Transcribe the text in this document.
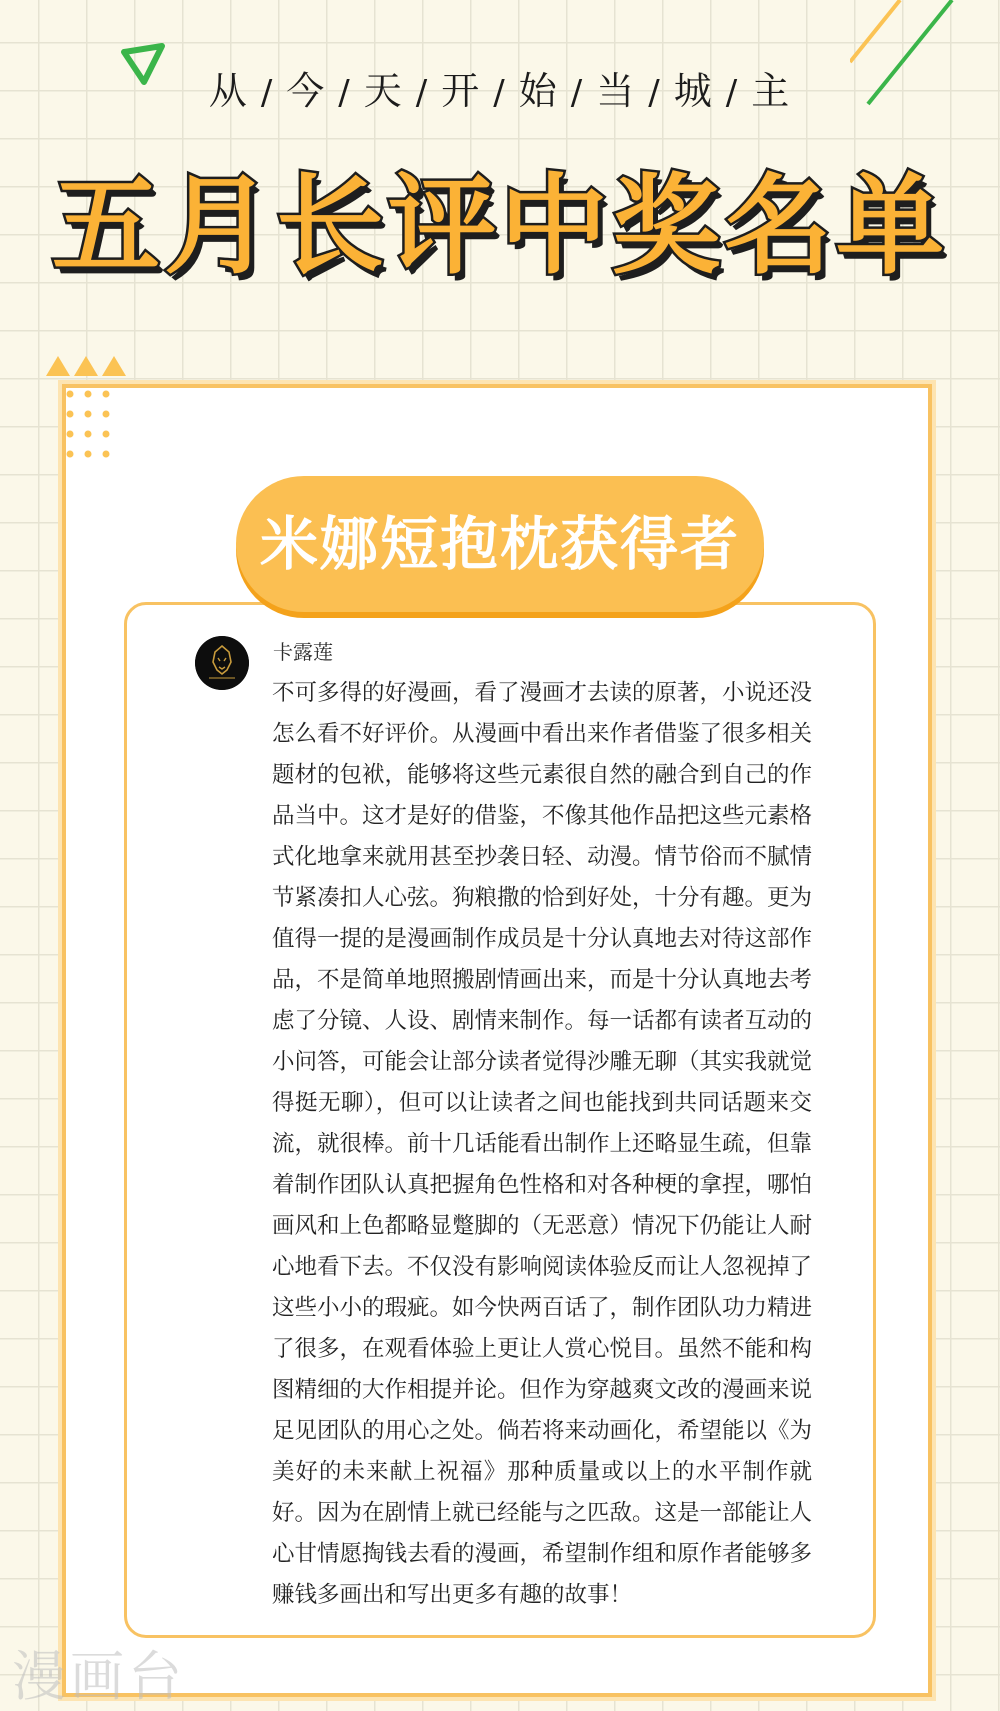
从 / 今 / 天 / 开 / 始 / 当 / 城 / 主
五月长评中奖名单
米娜短抱枕获得者
卡露莲

不可多得的好漫画，看了漫画才去读的原著，小说还没怎么看不好评价。从漫画中看出来作者借鉴了很多相关题材的包袱，能够将这些元素很自然的融合到自己的作品当中。这才是好的借鉴，不像其他作品把这些元素格式化地拿来就用甚至抄袭日轻、动漫。情节俗而不腻情节紧凑扣人心弦。狗粮撒的恰到好处，十分有趣。更为值得一提的是漫画制作成员是十分认真地去对待这部作品，不是简单地照搬剧情画出来，而是十分认真地去考虑了分镜、人设、剧情来制作。每一话都有读者互动的小问答，可能会让部分读者觉得沙雕无聊（其实我就觉得挺无聊），但可以让读者之间也能找到共同话题来交流，就很棒。前十几话能看出制作上还略显生疏，但靠着制作团队认真把握角色性格和对各种梗的拿捏，哪怕画风和上色都略显蹩脚的（无恶意）情况下仍能让人耐心地看下去。不仅没有影响阅读体验反而让人忽视掉了这些小小的瑕疵。如今快两百话了，制作团队功力精进了很多，在观看体验上更让人赏心悦目。虽然不能和构图精细的大作相提并论。但作为穿越爽文改的漫画来说足见团队的用心之处。倘若将来动画化，希望能以《为美好的未来献上祝福》那种质量或以上的水平制作就好。因为在剧情上就已经能与之匹敌。这是一部能让人心甘情愿掏钱去看的漫画，希望制作组和原作者能够多赚钱多画出和写出更多有趣的故事！

漫画台
